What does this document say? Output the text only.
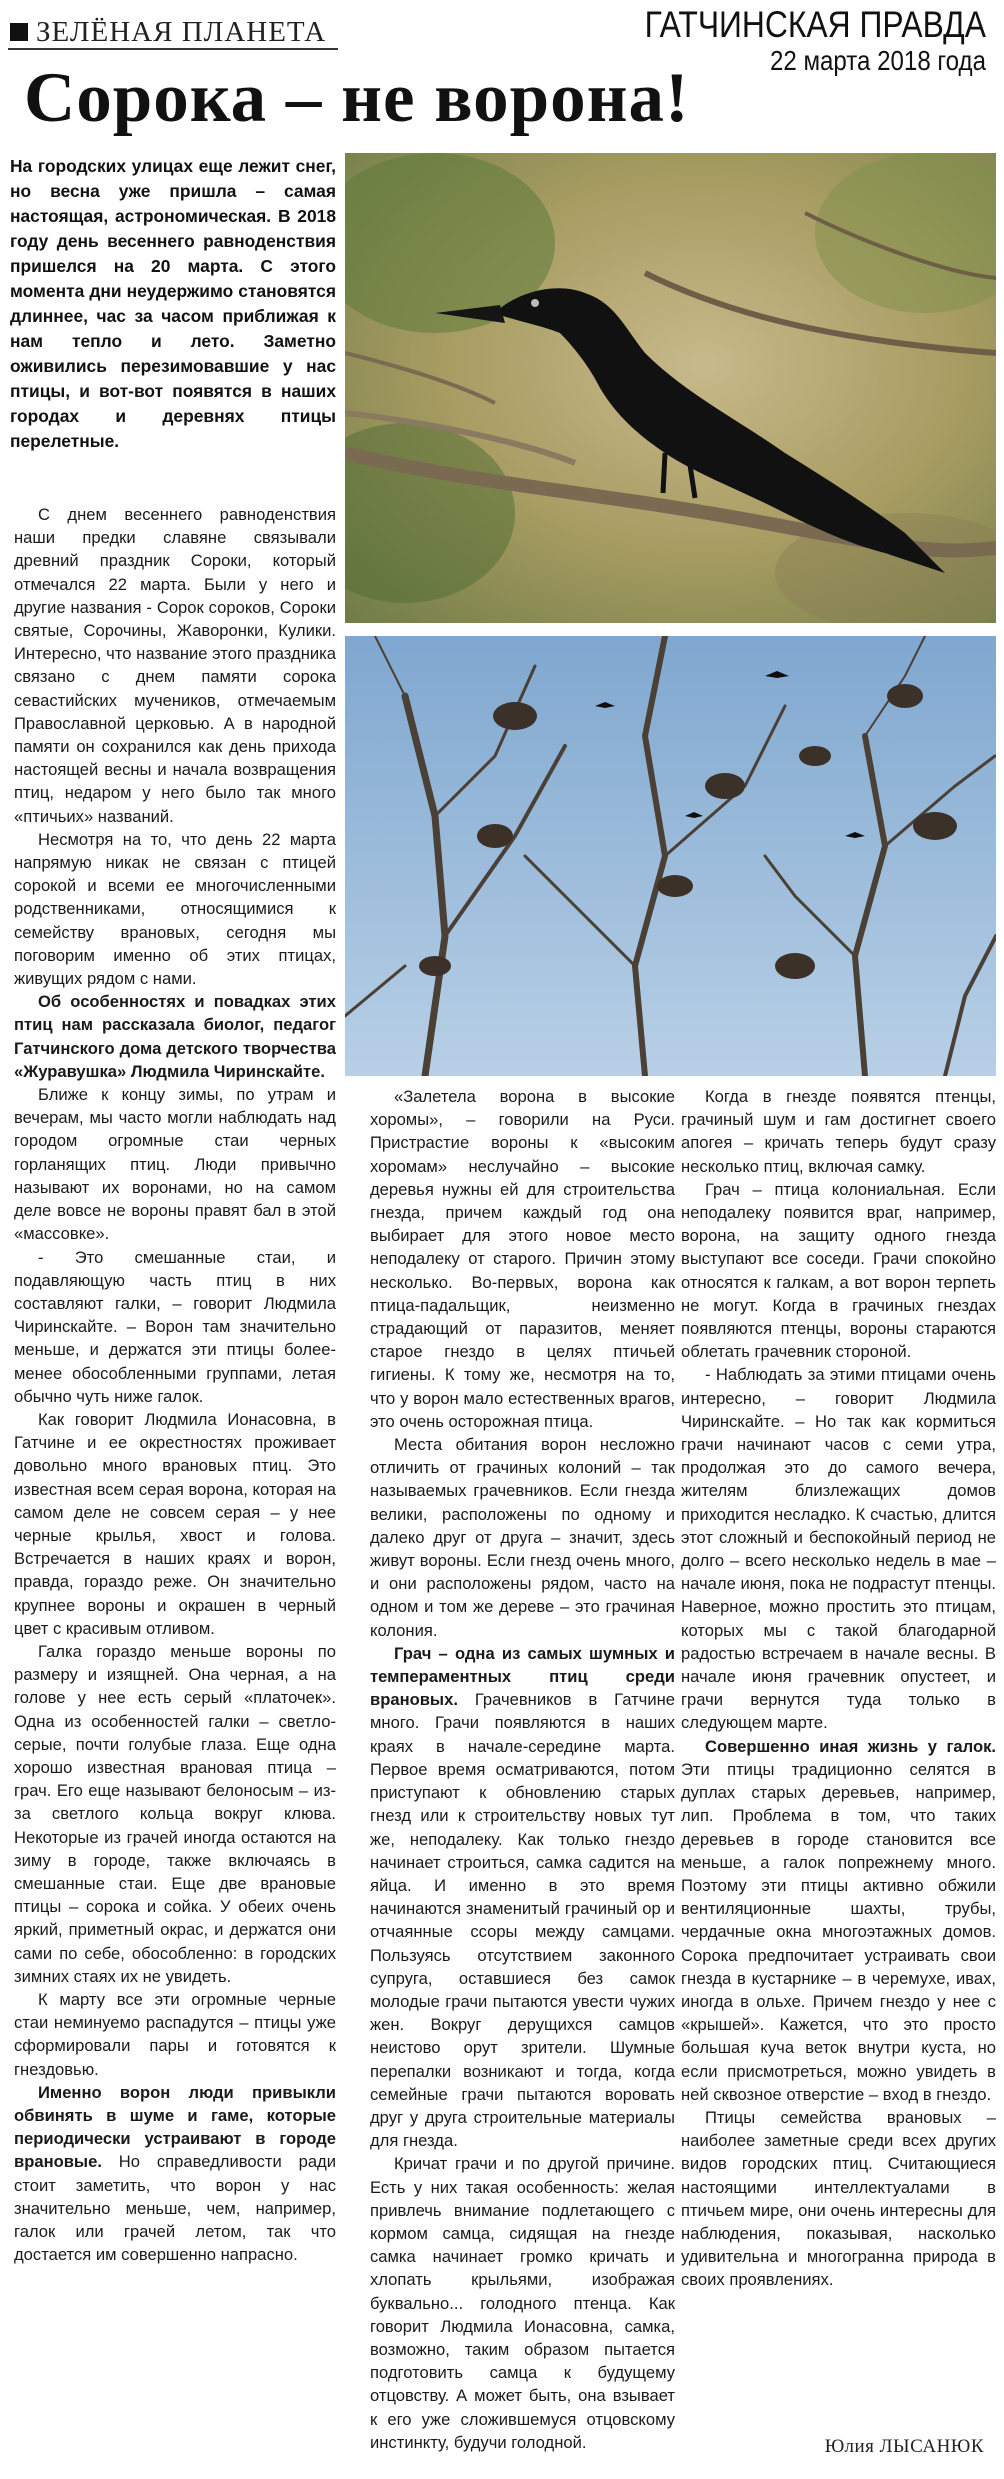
ЗЕЛЁНАЯ ПЛАНЕТА	ГАТЧИНСКАЯ ПРАВДА
22 марта 2018 года
Сорока – не ворона!
На городских улицах еще лежит снег, но весна уже пришла – самая настоящая, астрономическая. В 2018 году день весеннего равноденствия пришелся на 20 марта. С этого момента дни неудержимо становятся длиннее, час за часом приближая к нам тепло и лето. Заметно оживились перезимовавшие у нас птицы, и вот-вот появятся в наших городах и деревнях птицы перелетные.

С днем весеннего равноденствия наши предки славяне связывали древний праздник Сороки, который отмечался 22 марта. Были у него и другие названия - Сорок сороков, Сороки святые, Сорочины, Жаворонки, Кулики. Интересно, что название этого праздника связано с днем памяти сорока севастийских мучеников, отмечаемым Православной церковью. А в народной памяти он сохранился как день прихода настоящей весны и начала возвращения птиц, недаром у него было так много «птичьих» названий.

Несмотря на то, что день 22 марта напрямую никак не связан с птицей сорокой и всеми ее многочисленными родственниками, относящимися к семейству врановых, сегодня мы поговорим именно об этих птицах, живущих рядом с нами.

Об особенностях и повадках этих птиц нам рассказала биолог, педагог Гатчинского дома детского творчества «Журавушка» Людмила Чиринскайте.

Ближе к концу зимы, по утрам и вечерам, мы часто могли наблюдать над городом огромные стаи черных горланящих птиц. Люди привычно называют их воронами, но на самом деле вовсе не вороны правят бал в этой «массовке».

- Это смешанные стаи, и подавляющую часть птиц в них составляют галки, – говорит Людмила Чиринскайте. – Ворон там значительно меньше, и держатся эти птицы более-менее обособленными группами, летая обычно чуть ниже галок.

Как говорит Людмила Ионасовна, в Гатчине и ее окрестностях проживает довольно много врановых птиц. Это известная всем серая ворона, которая на самом деле не совсем серая – у нее черные крылья, хвост и голова. Встречается в наших краях и ворон, правда, гораздо реже. Он значительно крупнее вороны и окрашен в черный цвет с красивым отливом.

Галка гораздо меньше вороны по размеру и изящней. Она черная, а на голове у нее есть серый «платочек». Одна из особенностей галки – светло-серые, почти голубые глаза. Еще одна хорошо известная врановая птица – грач. Его еще называют белоносым – из-за светлого кольца вокруг клюва. Некоторые из грачей иногда остаются на зиму в городе, также включаясь в смешанные стаи. Еще две врановые птицы – сорока и сойка. У обеих очень яркий, приметный окрас, и держатся они сами по себе, обособленно: в городских зимних стаях их не увидеть.

К марту все эти огромные черные стаи неминуемо распадутся – птицы уже сформировали пары и готовятся к гнездовью.

Именно ворон люди привыкли обвинять в шуме и гаме, которые периодически устраивают в городе врановые. Но справедливости ради стоит заметить, что ворон у нас значительно меньше, чем, например, галок или грачей летом, так что достается им совершенно напрасно.

«Залетела ворона в высокие хоромы», – говорили на Руси. Пристрастие вороны к «высоким хоромам» неслучайно – высокие деревья нужны ей для строительства гнезда, причем каждый год она выбирает для этого новое место неподалеку от старого. Причин этому несколько. Во-первых, ворона как птица-падальщик, неизменно страдающий от паразитов, меняет старое гнездо в целях птичьей гигиены. К тому же, несмотря на то, что у ворон мало естественных врагов, это очень осторожная птица.

Места обитания ворон несложно отличить от грачиных колоний – так называемых грачевников. Если гнезда велики, расположены по одному и далеко друг от друга – значит, здесь живут вороны. Если гнезд очень много, и они расположены рядом, часто на одном и том же дереве – это грачиная колония.

Грач – одна из самых шумных и темпераментных птиц среди врановых. Грачевников в Гатчине много. Грачи появляются в наших краях в начале-середине марта. Первое время осматриваются, потом приступают к обновлению старых гнезд или к строительству новых тут же, неподалеку. Как только гнездо начинает строиться, самка садится на яйца. И именно в это время начинаются знаменитый грачиный ор и отчаянные ссоры между самцами. Пользуясь отсутствием законного супруга, оставшиеся без самок молодые грачи пытаются увести чужих жен. Вокруг дерущихся самцов неистово орут зрители. Шумные перепалки возникают и тогда, когда семейные грачи пытаются воровать друг у друга строительные материалы для гнезда.

Кричат грачи и по другой причине. Есть у них такая особенность: желая привлечь внимание подлетающего с кормом самца, сидящая на гнезде самка начинает громко кричать и хлопать крыльями, изображая буквально... голодного птенца. Как говорит Людмила Ионасовна, самка, возможно, таким образом пытается подготовить самца к будущему отцовству. А может быть, она взывает к его уже сложившемуся отцовскому инстинкту, будучи голодной.

Когда в гнезде появятся птенцы, грачиный шум и гам достигнет своего апогея – кричать теперь будут сразу несколько птиц, включая самку.

Грач – птица колониальная. Если неподалеку появится враг, например, ворона, на защиту одного гнезда выступают все соседи. Грачи спокойно относятся к галкам, а вот ворон терпеть не могут. Когда в грачиных гнездах появляются птенцы, вороны стараются облетать грачевник стороной.

- Наблюдать за этими птицами очень интересно, – говорит Людмила Чиринскайте. – Но так как кормиться грачи начинают часов с семи утра, продолжая это до самого вечера, жителям близлежащих домов приходится несладко. К счастью, длится этот сложный и беспокойный период не долго – всего несколько недель в мае – начале июня, пока не подрастут птенцы. Наверное, можно простить это птицам, которых мы с такой благодарной радостью встречаем в начале весны. В начале июня грачевник опустеет, и грачи вернутся туда только в следующем марте.

Совершенно иная жизнь у галок. Эти птицы традиционно селятся в дуплах старых деревьев, например, лип. Проблема в том, что таких деревьев в городе становится все меньше, а галок попрежнему много. Поэтому эти птицы активно обжили вентиляционные шахты, трубы, чердачные окна многоэтажных домов. Сорока предпочитает устраивать свои гнезда в кустарнике – в черемухе, ивах, иногда в ольхе. Причем гнездо у нее с «крышей». Кажется, что это просто большая куча веток внутри куста, но если присмотреться, можно увидеть в ней сквозное отверстие – вход в гнездо.

Птицы семейства врановых – наиболее заметные среди всех других видов городских птиц. Считающиеся настоящими интеллектуалами в птичьем мире, они очень интересны для наблюдения, показывая, насколько удивительна и многогранна природа в своих проявлениях.

Юлия ЛЫСАНЮК
